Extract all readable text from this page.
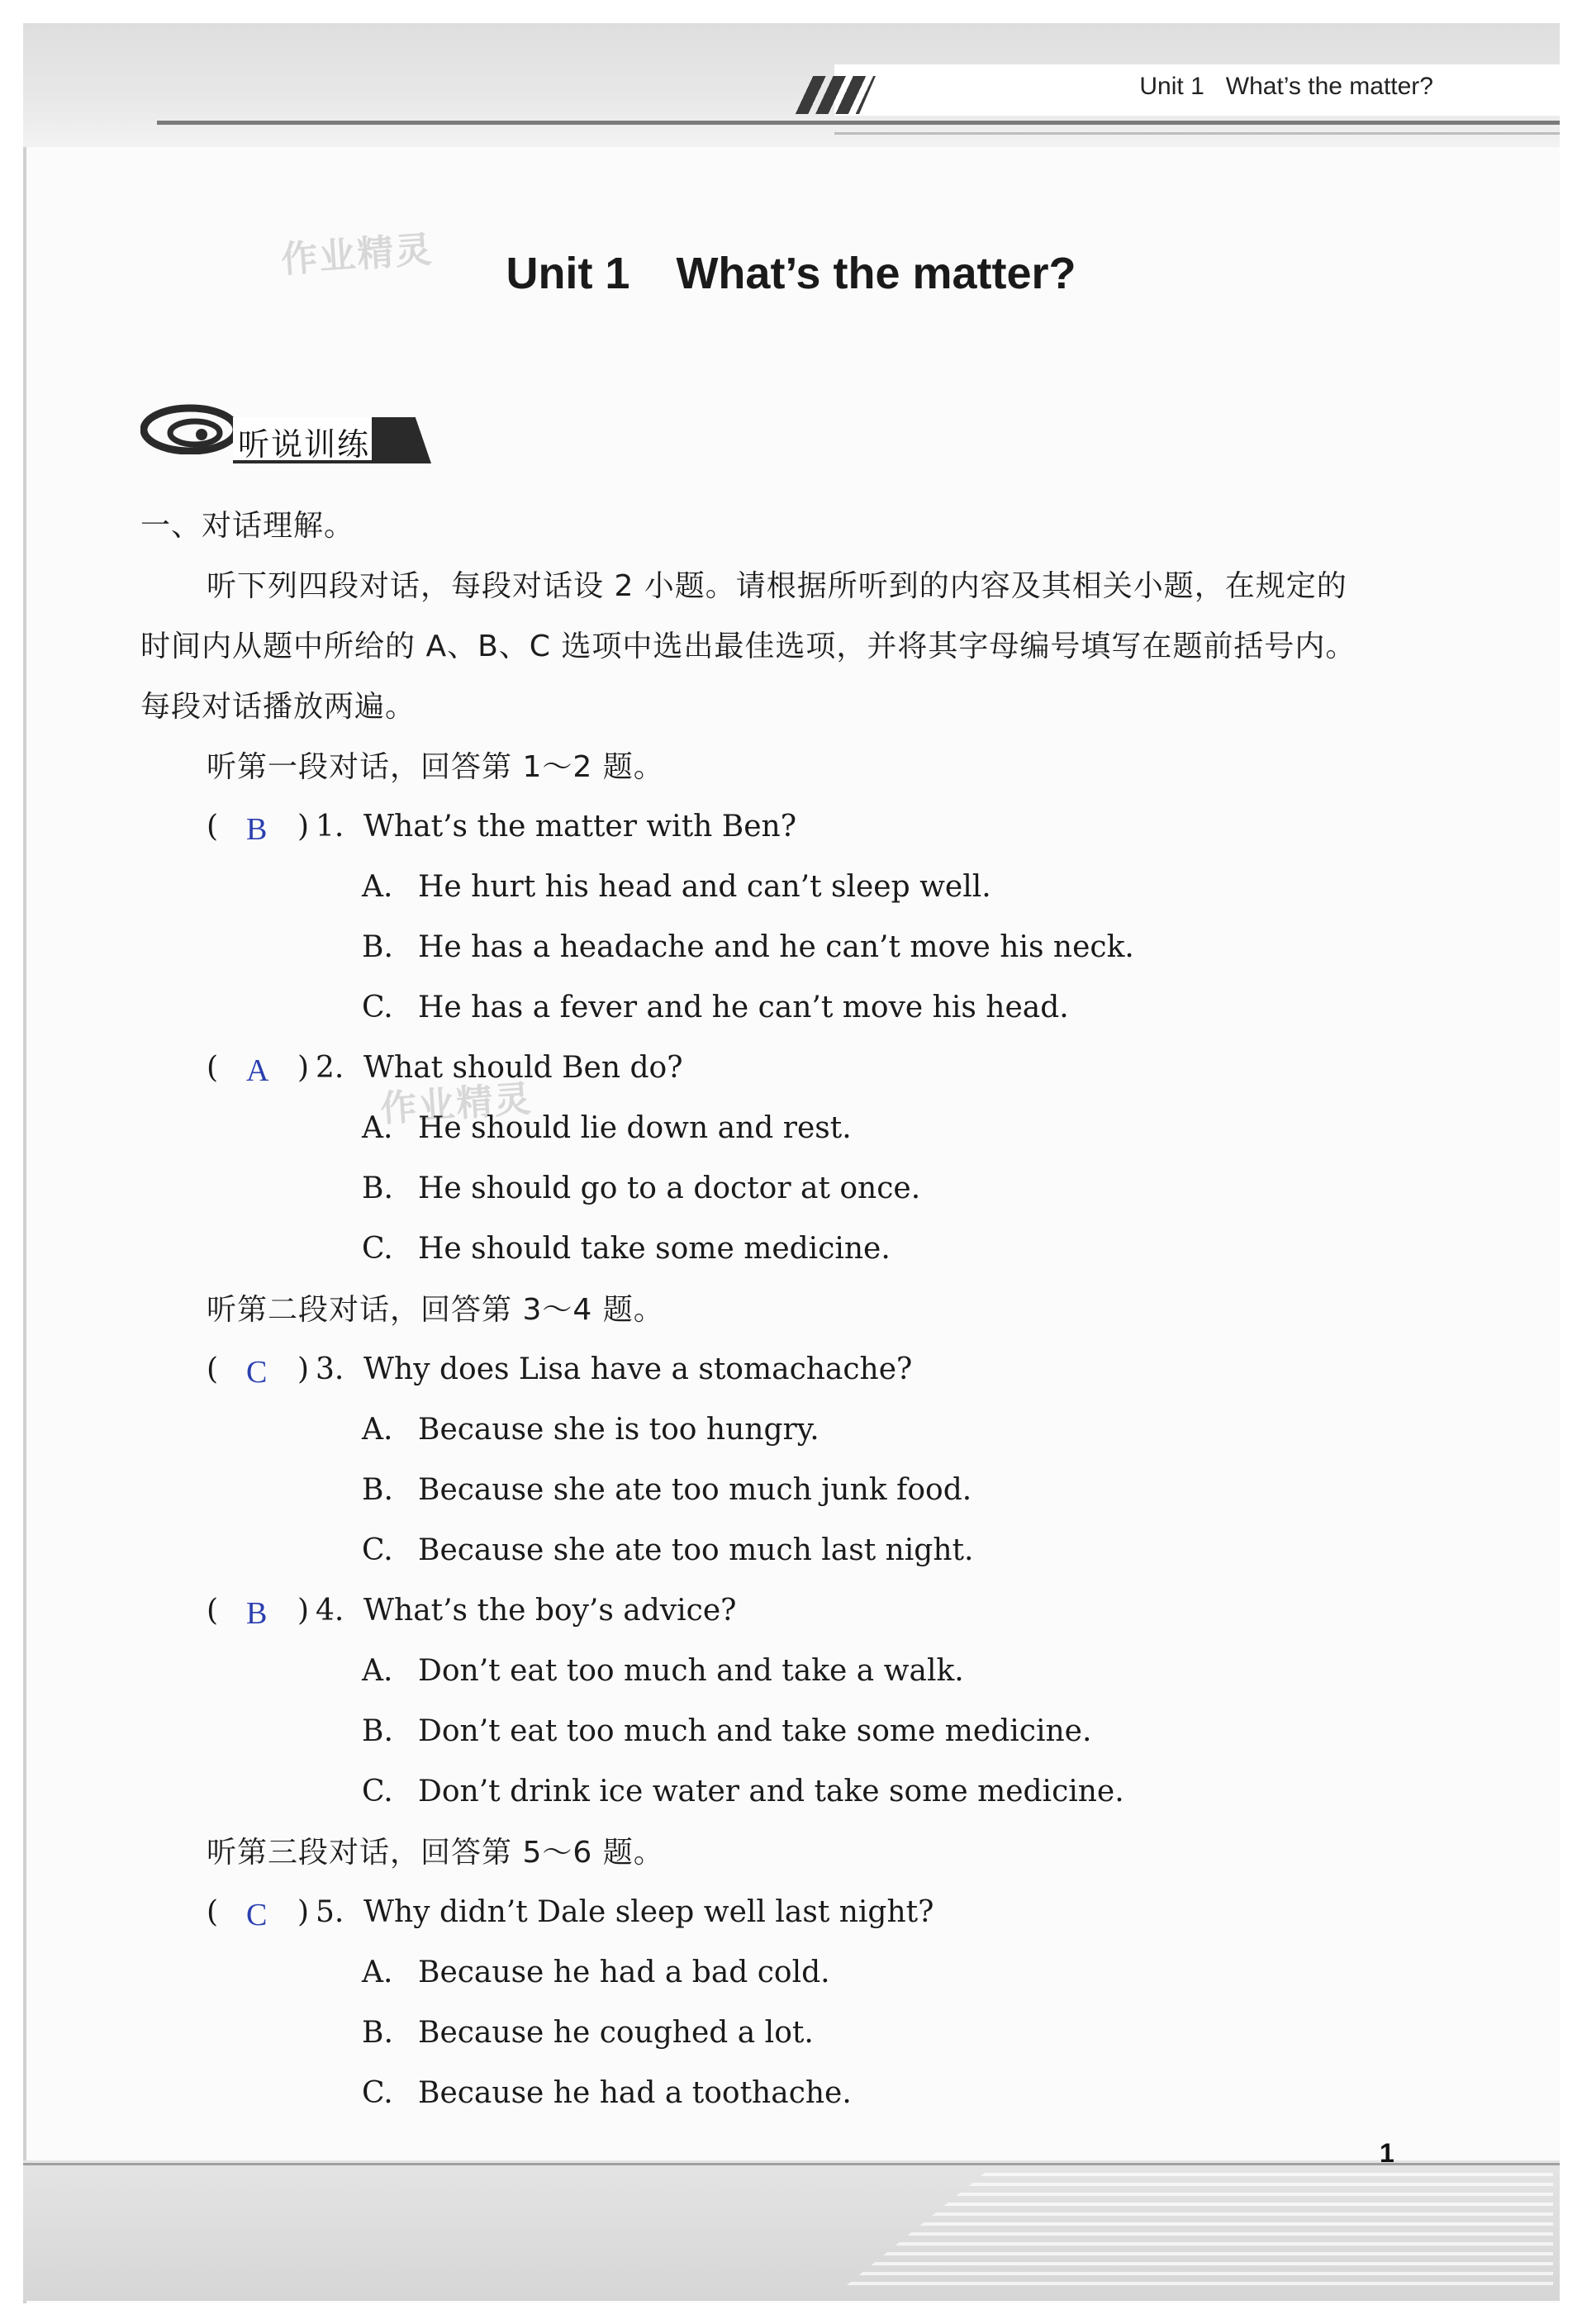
Unit 1 What’s the matter?
作业精灵
作业精灵
Unit 1 What’s the matter?
听说训练
一、对话理解。
听下列四段对话，每段对话设 2 小题。请根据所听到的内容及其相关小题，在规定的
时间内从题中所给的 A、B、C 选项中选出最佳选项，并将其字母编号填写在题前括号内。
每段对话播放两遍。
听第一段对话，回答第 1～2 题。
( B ) 1. What’s the matter with Ben?
A. He hurt his head and can’t sleep well.
B. He has a headache and he can’t move his neck.
C. He has a fever and he can’t move his head.
( A ) 2. What should Ben do?
A. He should lie down and rest.
B. He should go to a doctor at once.
C. He should take some medicine.
听第二段对话，回答第 3～4 题。
( C ) 3. Why does Lisa have a stomachache?
A. Because she is too hungry.
B. Because she ate too much junk food.
C. Because she ate too much last night.
( B ) 4. What’s the boy’s advice?
A. Don’t eat too much and take a walk.
B. Don’t eat too much and take some medicine.
C. Don’t drink ice water and take some medicine.
听第三段对话，回答第 5～6 题。
( C ) 5. Why didn’t Dale sleep well last night?
A. Because he had a bad cold.
B. Because he coughed a lot.
C. Because he had a toothache.
1
